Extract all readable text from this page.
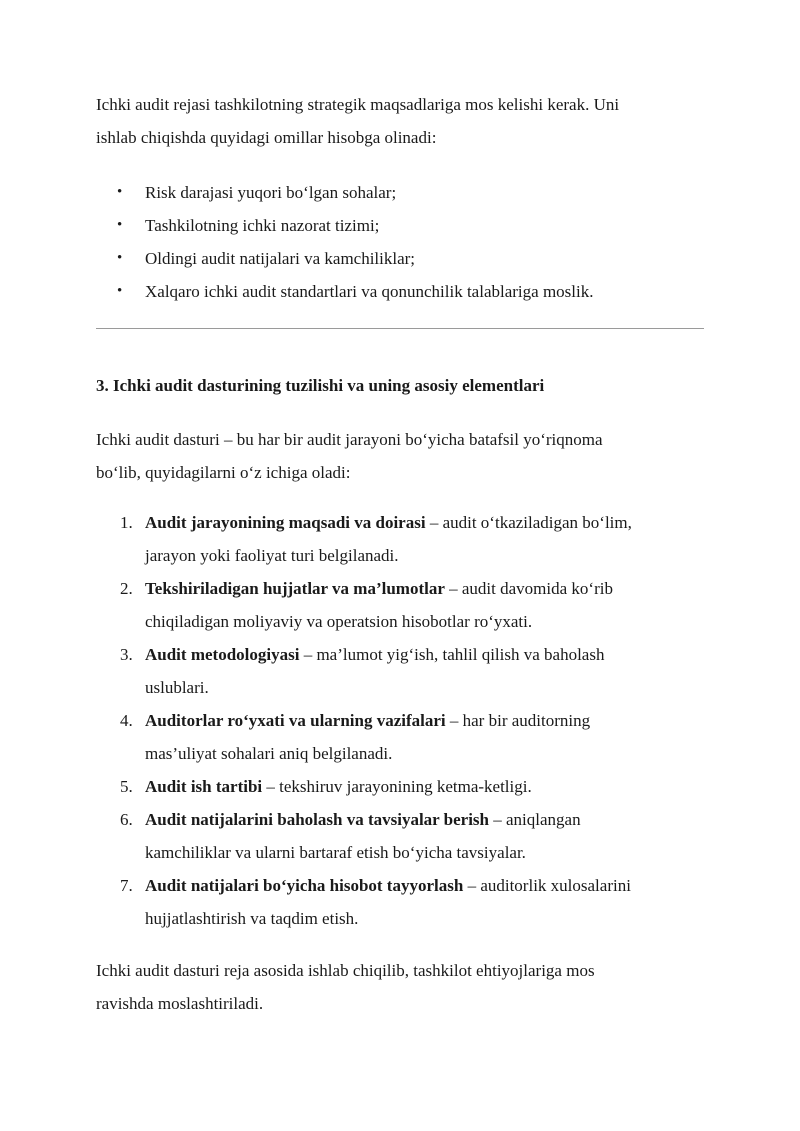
Ichki audit rejasi tashkilotning strategik maqsadlariga mos kelishi kerak. Uni
ishlab chiqishda quyidagi omillar hisobga olinadi:

• Risk darajasi yuqori bo‘lgan sohalar;
• Tashkilotning ichki nazorat tizimi;
• Oldingi audit natijalari va kamchiliklar;
• Xalqaro ichki audit standartlari va qonunchilik talablariga moslik.
3. Ichki audit dasturining tuzilishi va uning asosiy elementlari

Ichki audit dasturi – bu har bir audit jarayoni bo‘yicha batafsil yo‘riqnoma
bo‘lib, quyidagilarni o‘z ichiga oladi:

1. Audit jarayonining maqsadi va doirasi – audit o‘tkaziladigan bo‘lim,
jarayon yoki faoliyat turi belgilanadi.
2. Tekshiriladigan hujjatlar va ma’lumotlar – audit davomida ko‘rib
chiqiladigan moliyaviy va operatsion hisobotlar ro‘yxati.
3. Audit metodologiyasi – ma’lumot yig‘ish, tahlil qilish va baholash
uslublari.
4. Auditorlar ro‘yxati va ularning vazifalari – har bir auditorning
mas’uliyat sohalari aniq belgilanadi.
5. Audit ish tartibi – tekshiruv jarayonining ketma-ketligi.
6. Audit natijalarini baholash va tavsiyalar berish – aniqlangan
kamchiliklar va ularni bartaraf etish bo‘yicha tavsiyalar.
7. Audit natijalari bo‘yicha hisobot tayyorlash – auditorlik xulosalarini
hujjatlashtirish va taqdim etish.

Ichki audit dasturi reja asosida ishlab chiqilib, tashkilot ehtiyojlariga mos
ravishda moslashtiriladi.
